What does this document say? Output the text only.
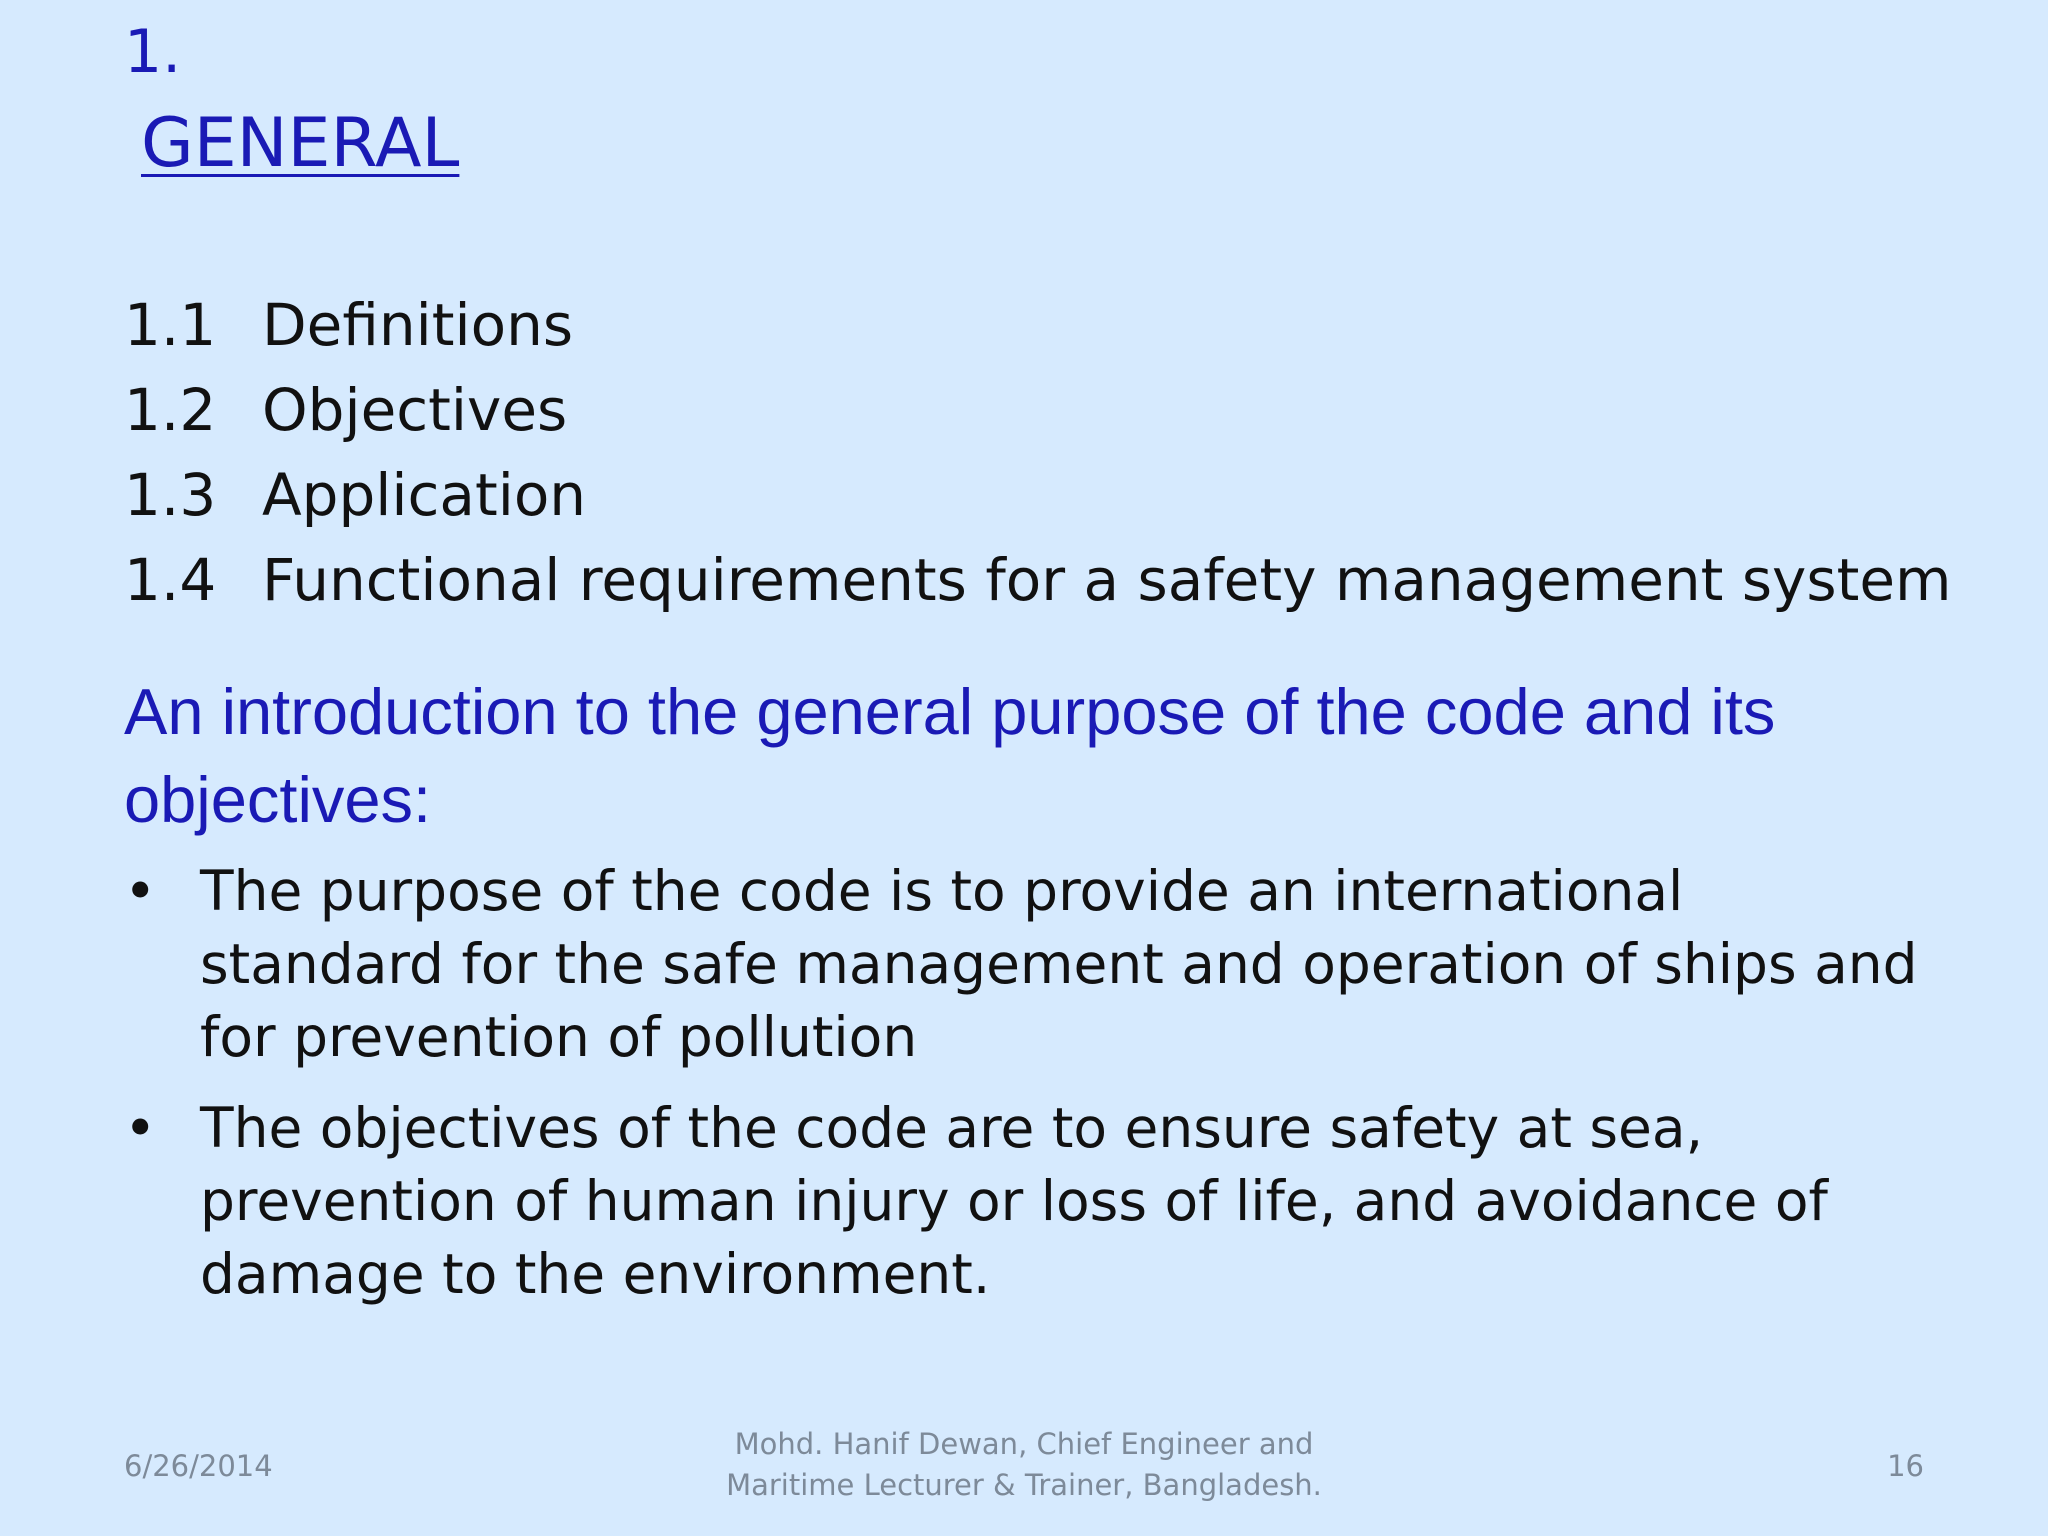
1.
GENERAL
1.1 Definitions
1.2 Objectives
1.3 Application
1.4 Functional requirements for a safety management system
An introduction to the general purpose of the code and its objectives:
• The purpose of the code is to provide an international standard for the safe management and operation of ships and for prevention of pollution
• The objectives of the code are to ensure safety at sea, prevention of human injury or loss of life, and avoidance of damage to the environment.
6/26/2014
Mohd. Hanif Dewan, Chief Engineer and
Maritime Lecturer & Trainer, Bangladesh.
16
